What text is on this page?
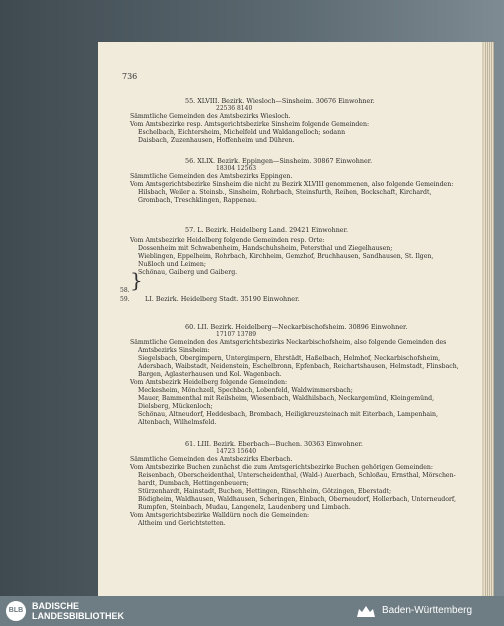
736
55. XLVIII. Bezirk. Wiesloch—Sinsheim. 30676 Einwohner.
22536 8140
Sämmtliche Gemeinden des Amtsbezirks Wiesloch.
Vom Amtsbezirke resp. Amtsgerichtsbezirke Sinsheim folgende Gemeinden:
Eschelbach, Eichtersheim, Michelfeld und Waldangelloch; sodann
Daisbach, Zuzenhausen, Hoffenheim und Dühren.
56. XLIX. Bezirk. Eppingen—Sinsheim. 30867 Einwohner.
18304 12563
Sämmtliche Gemeinden des Amtsbezirks Eppingen.
Vom Amtsgerichtsbezirke Sinsheim die nicht zu Bezirk XLVIII genommenen, also folgende Gemeinden:
Hilsbach, Weiler a. Steinsb., Sinsheim, Rohrbach, Steinsfurth, Reihen, Bockschaft, Kirchardt,
Grombach, Treschklingen, Rappenau.
57. L. Bezirk. Heidelberg Land. 29421 Einwohner.
Vom Amtsbezirke Heidelberg folgende Gemeinden resp. Orte:
Dossenheim mit Schwabenheim, Handschuhsheim, Petersthal und Ziegelhausen;
Wieblingen, Eppelheim, Rohrbach, Kirchheim, Gemzhof, Bruchhausen, Sandhausen, St. Ilgen,
Nußloch und Leimen;
Schönau, Gaiberg und Gaiberg.
LI. Bezirk. Heidelberg Stadt. 35190 Einwohner.
58.
59.
60. LII. Bezirk. Heidelberg—Neckarbischofsheim. 30896 Einwohner.
17107 13789
Sämmtliche Gemeinden des Amtsgerichtsbezirks Neckarbischofsheim, also folgende Gemeinden des
Amtsbezirks Sinsheim:
Siegelsbach, Obergimpern, Untergimpern, Ehrstädt, Haßelbach, Helmhof, Neckarbischofsheim,
Adersbach, Waibstadt, Neidenstein, Eschelbronn, Epfenbach, Reichartshausen, Helmstadt, Flinsbach,
Bargen, Aglasterhausen und Kol. Wagenbach.
Vom Amtsbezirk Heidelberg folgende Gemeinden:
Meckesheim, Mönchzell, Spechbach, Lobenfeld, Waldwimmersbach;
Mauer, Bammenthal mit Reilsheim, Wiesenbach, Waldhilsbach, Neckargemünd, Kleingemünd,
Dielsberg, Mückenloch;
Schönau, Altneudorf, Heddesbach, Brombach, Heiligkreuzsteinach mit Eiterbach, Lampenhain,
Altenbach, Wilhelmsfeld.
61. LIII. Bezirk. Eberbach—Buchen. 30363 Einwohner.
14723 15640
Sämmtliche Gemeinden des Amtsbezirks Eberbach.
Vom Amtsbezirke Buchen zunächst die zum Amtsgerichtsbezirke Buchen gehörigen Gemeinden:
Reisenbach, Oberscheidenthal, Unterscheidenthal, (Wald-) Auerbach, Schloßau, Ernsthal, Mörschen-
hardt, Dumbach, Hettingenbeuern;
Stürzenhardt, Hainstadt, Buchen, Hettingen, Rinschheim, Götzingen, Eberstadt;
Bödigheim, Waldhausen, Waldhausen, Scheringen, Einbach, Oberneudorf, Hollerbach, Unterneudorf,
Rumpfen, Steinbach, Mudau, Langenelz, Laudenberg und Limbach.
Vom Amtsgerichtsbezirke Walldürn noch die Gemeinden:
Altheim und Gerichtstetten.
}
BLB BADISCHE
LANDESBIBLIOTHEK	Baden-Württemberg
